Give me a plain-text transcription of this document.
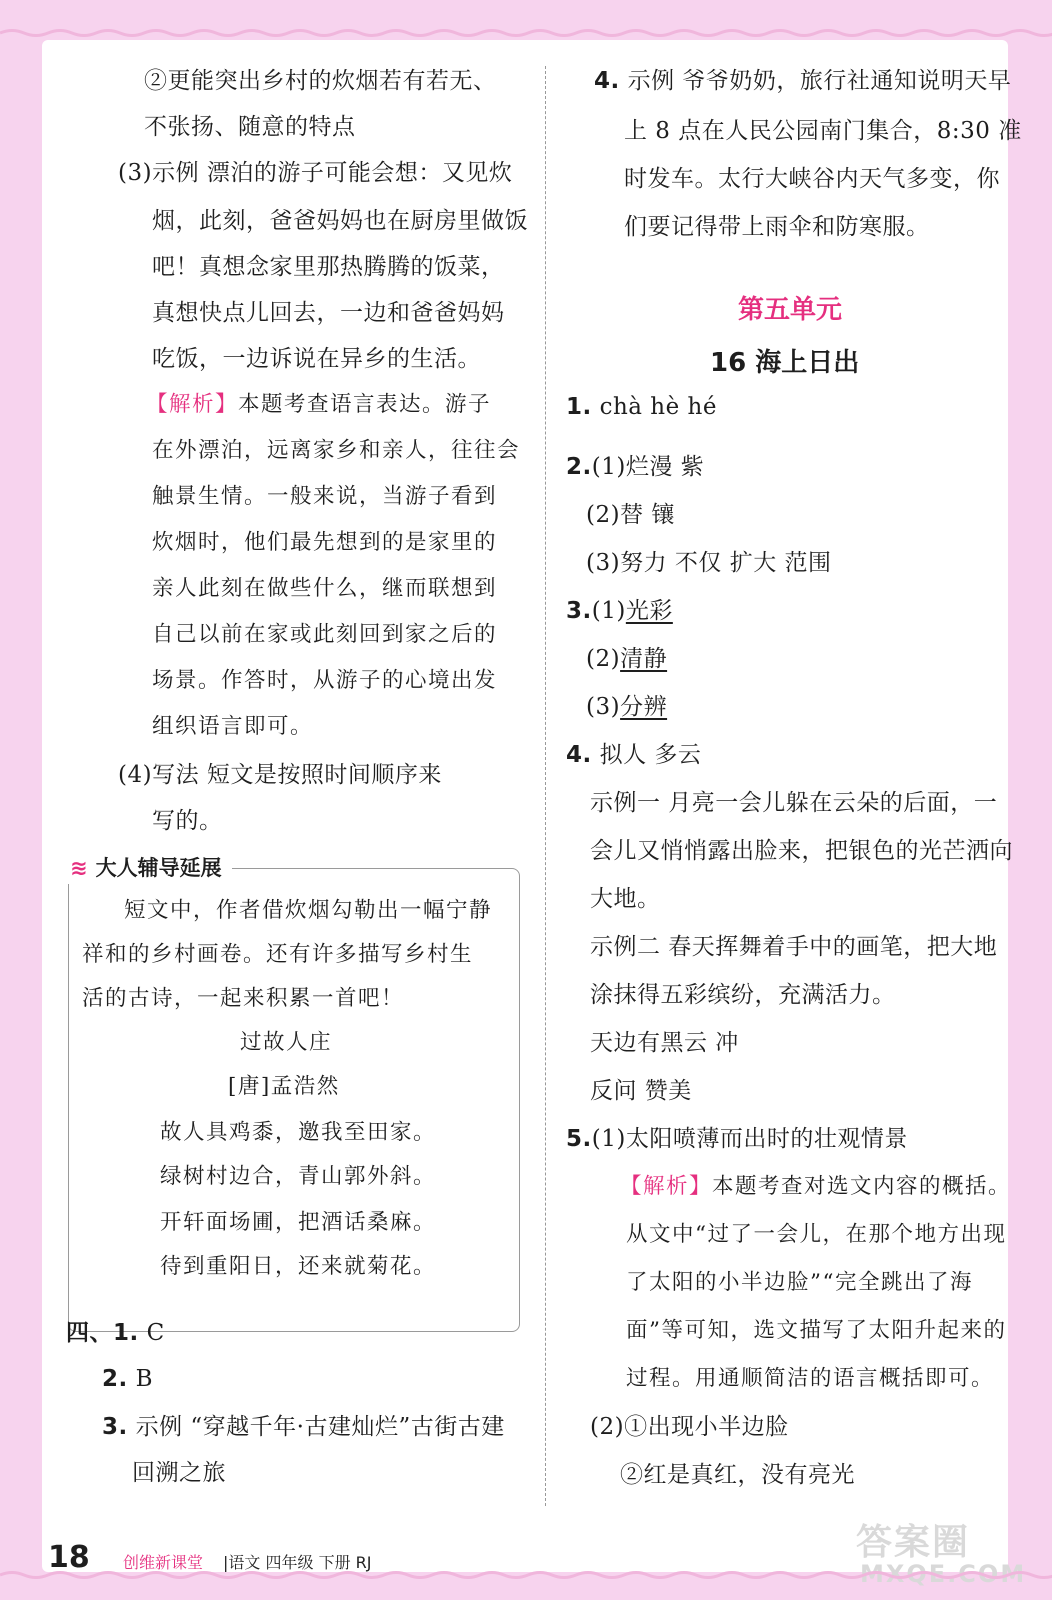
②更能突出乡村的炊烟若有若无、
不张扬、随意的特点
(3)示例 漂泊的游子可能会想：又见炊
烟，此刻，爸爸妈妈也在厨房里做饭
吧！真想念家里那热腾腾的饭菜，
真想快点儿回去，一边和爸爸妈妈
吃饭，一边诉说在异乡的生活。
【解析】本题考查语言表达。游子
在外漂泊，远离家乡和亲人，往往会
触景生情。一般来说，当游子看到
炊烟时，他们最先想到的是家里的
亲人此刻在做些什么，继而联想到
自己以前在家或此刻回到家之后的
场景。作答时，从游子的心境出发
组织语言即可。
(4)写法 短文是按照时间顺序来
写的。
≋ 大人辅导延展
短文中，作者借炊烟勾勒出一幅宁静
祥和的乡村画卷。还有许多描写乡村生
活的古诗，一起来积累一首吧！
过故人庄
[唐]孟浩然
故人具鸡黍，邀我至田家。
绿树村边合，青山郭外斜。
开轩面场圃，把酒话桑麻。
待到重阳日，还来就菊花。
四、1. C
2. B
3. 示例 “穿越千年·古建灿烂”古街古建
回溯之旅
4. 示例 爷爷奶奶，旅行社通知说明天早
上 8 点在人民公园南门集合，8:30 准
时发车。太行大峡谷内天气多变，你
们要记得带上雨伞和防寒服。
第五单元
16 海上日出
1. chà hè hé
2.(1)烂漫 紫
(2)替 镶
(3)努力 不仅 扩大 范围
3.(1)光彩
(2)清静
(3)分辨
4. 拟人 多云
示例一 月亮一会儿躲在云朵的后面，一
会儿又悄悄露出脸来，把银色的光芒洒向
大地。
示例二 春天挥舞着手中的画笔，把大地
涂抹得五彩缤纷，充满活力。
天边有黑云 冲
反问 赞美
5.(1)太阳喷薄而出时的壮观情景
【解析】本题考查对选文内容的概括。
从文中“过了一会儿，在那个地方出现
了太阳的小半边脸”“完全跳出了海
面”等可知，选文描写了太阳升起来的
过程。用通顺简洁的语言概括即可。
(2)①出现小半边脸
②红是真红，没有亮光
18 创维新课堂 |语文 四年级 下册 RJ	答案圈
MXQE.COM
